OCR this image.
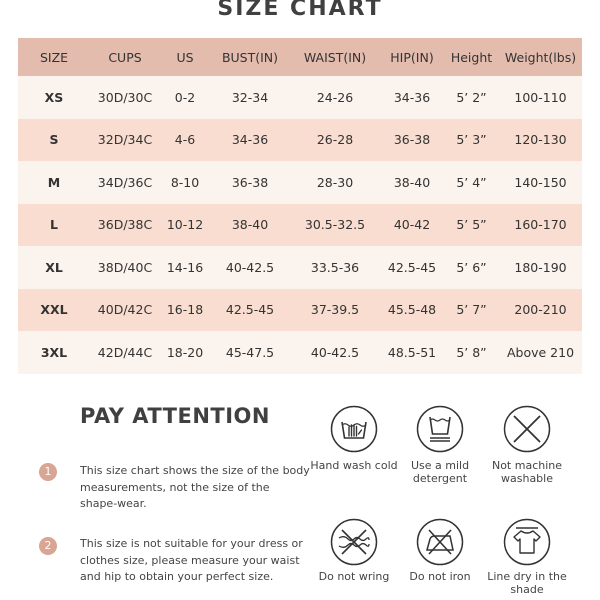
SIZE CHART
SIZE	CUPS	US	BUST(IN)	WAIST(IN)	HIP(IN)	Height	Weight(lbs)
XS	30D/30C	0-2	32-34	24-26	34-36	5’ 2”	100-110
S	32D/34C	4-6	34-36	26-28	36-38	5’ 3”	120-130
M	34D/36C	8-10	36-38	28-30	38-40	5’ 4”	140-150
L	36D/38C	10-12	38-40	30.5-32.5	40-42	5’ 5”	160-170
XL	38D/40C	14-16	40-42.5	33.5-36	42.5-45	5’ 6”	180-190
XXL	40D/42C	16-18	42.5-45	37-39.5	45.5-48	5’ 7”	200-210
3XL	42D/44C	18-20	45-47.5	40-42.5	48.5-51	5’ 8”	Above 210
PAY ATTENTION
1	This size chart shows the size of the body measurements, not the size of the shape-wear.
2	This size is not suitable for your dress or clothes size, please measure your waist and hip to obtain your perfect size.
Hand wash cold	Use a mild detergent
Not machine washable
Do not wring	Do not iron	Line dry in the shade
